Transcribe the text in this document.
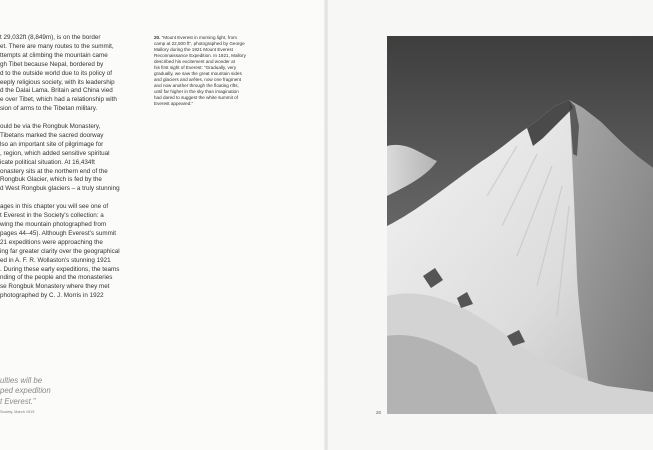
t 29,032ft (8,849m), is on the border
et. There are many routes to the summit,
ttempts at climbing the mountain came
gh Tibet because Nepal, bordered by
d to the outside world due to its policy of
eeply religious society, with its leadership
d the Dalai Lama. Britain and China vied
e over Tibet, which had a relationship with
sion of arms to the Tibetan military.

ould be via the Rongbuk Monastery,
Tibetans marked the sacred doorway
lso an important site of pilgrimage for
, region, which added sensitive spiritual
icate political situation. At 16,434ft
onastery sits at the northern end of the
Rongbuk Glacier, which is fed by the
d West Rongbuk glaciers – a truly stunning

ages in this chapter you will see one of
t Everest in the Society's collection: a
wing the mountain photographed from
pages 44–45). Although Everest's summit
21 expeditions were approaching the
ing far greater clarity over the geographical
ed in A. F. R. Wollaston's stunning 1921
. During these early expeditions, the teams
nding of the people and the monasteries
se Rongbuk Monastery where they met
photographed by C. J. Morris in 1922

20. “Mount Everest in morning light, from
camp at 22,500 ft”, photographed by George
Mallory during the 1921 Mount Everest
Reconnaissance Expedition. In 1921, Mallory
described his excitement and wonder at
his first sight of Everest: “Gradually, very
gradually, we saw the great mountain sides
and glaciers and arêtes, now one fragment
and now another through the floating rifts,
until far higher in the sky than imagination
had dared to suggest the white summit of
Everest appeared.”
ulties will be
ped expedition
t Everest.”
Society, March 1919	20
